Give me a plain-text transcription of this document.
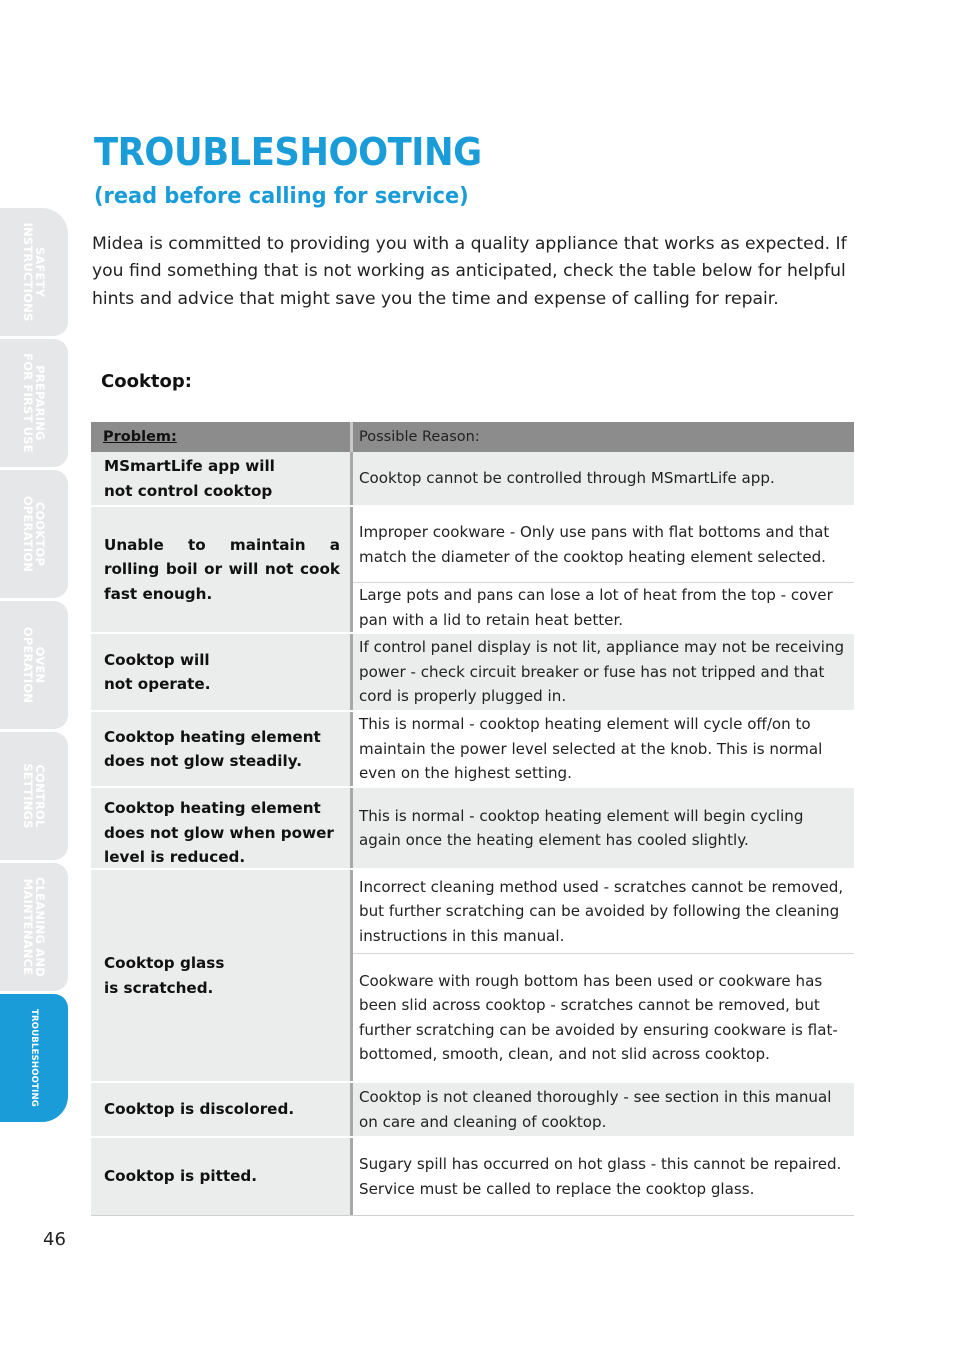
SAFETY
INSTRUCTIONS
PREPARING
FOR FIRST USE
COOKTOP
OPERATION
OVEN
OPERATION
CONTROL
SETTINGS
CLEANING AND
MAINTENANCE
TROUBLESHOOTING
TROUBLESHOOTING
(read before calling for service)

Midea is committed to providing you with a quality appliance that works as expected. If you find something that is not working as anticipated, check the table below for helpful hints and advice that might save you the time and expense of calling for repair.

Cooktop:
Problem:	Possible Reason:
MSmartLife app will
not control cooktop
Cooktop cannot be controlled through MSmartLife app.
Unable to maintain a rolling boil or will not cook fast enough.
Improper cookware - Only use pans with flat bottoms and that match the diameter of the cooktop heating element selected.
Large pots and pans can lose a lot of heat from the top - cover pan with a lid to retain heat better.
Cooktop will
not operate.
If control panel display is not lit, appliance may not be receiving power - check circuit breaker or fuse has not tripped and that cord is properly plugged in.
Cooktop heating element
does not glow steadily.
This is normal - cooktop heating element will cycle off/on to maintain the power level selected at the knob. This is normal even on the highest setting.
Cooktop heating element does not glow when power level is reduced.
This is normal - cooktop heating element will begin cycling again once the heating element has cooled slightly.
Cooktop glass
is scratched.
Incorrect cleaning method used - scratches cannot be removed, but further scratching can be avoided by following the cleaning instructions in this manual.
Cookware with rough bottom has been used or cookware has been slid across cooktop - scratches cannot be removed, but further scratching can be avoided by ensuring cookware is flat-bottomed, smooth, clean, and not slid across cooktop.
Cooktop is discolored.
Cooktop is not cleaned thoroughly - see section in this manual on care and cleaning of cooktop.
Cooktop is pitted.
Sugary spill has occurred on hot glass - this cannot be repaired. Service must be called to replace the cooktop glass.

46
